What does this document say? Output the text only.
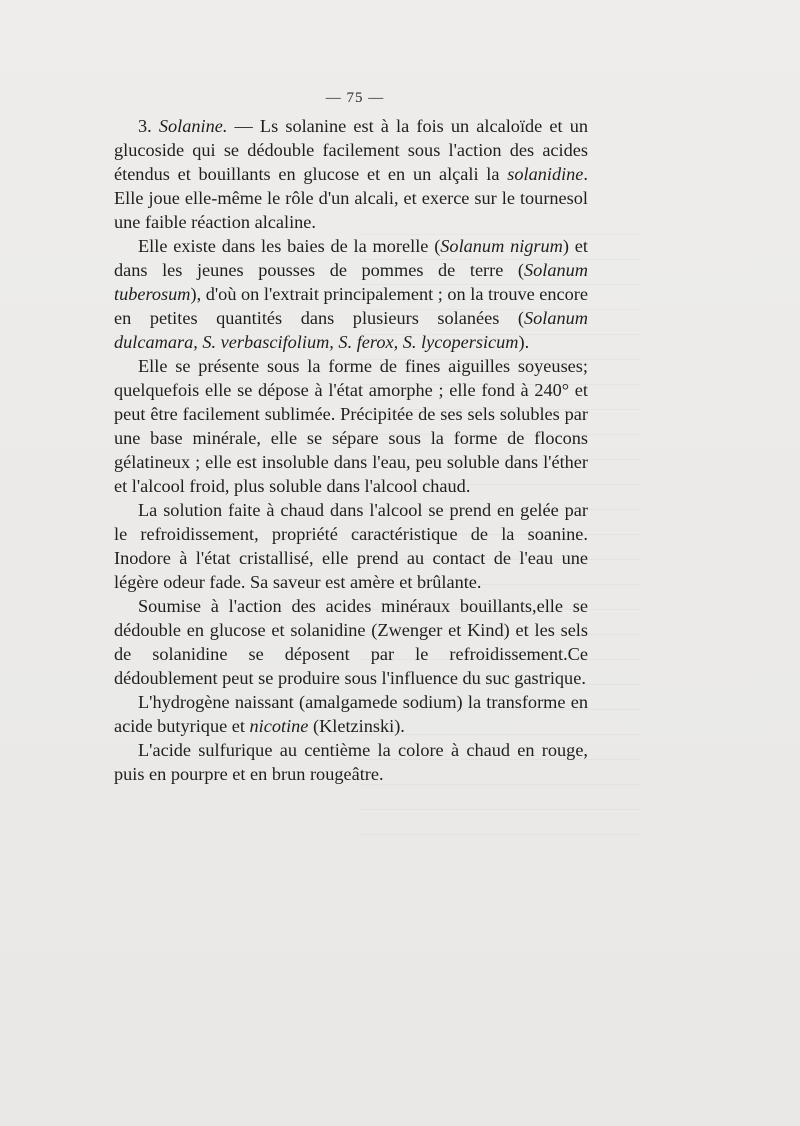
— 75 —

3. Solanine. — Ls solanine est à la fois un alcaloïde et un glucoside qui se dédouble facilement sous l'action des acides étendus et bouillants en glucose et en un alçali la solanidine. Elle joue elle-même le rôle d'un alcali, et exerce sur le tournesol une faible réaction alcaline.

Elle existe dans les baies de la morelle (Solanum nigrum) et dans les jeunes pousses de pommes de terre (Solanum tuberosum), d'où on l'extrait principalement ; on la trouve encore en petites quantités dans plusieurs solanées (Solanum dulcamara, S. verbascifolium, S. ferox, S. lycopersicum).

Elle se présente sous la forme de fines aiguilles soyeuses; quelquefois elle se dépose à l'état amorphe ; elle fond à 240° et peut être facilement sublimée. Précipitée de ses sels solubles par une base minérale, elle se sépare sous la forme de flocons gélatineux ; elle est insoluble dans l'eau, peu soluble dans l'éther et l'alcool froid, plus soluble dans l'alcool chaud.

La solution faite à chaud dans l'alcool se prend en gelée par le refroidissement, propriété caractéristique de la soanine. Inodore à l'état cristallisé, elle prend au contact de l'eau une légère odeur fade. Sa saveur est amère et brûlante.

Soumise à l'action des acides minéraux bouillants,elle se dédouble en glucose et solanidine (Zwenger et Kind) et les sels de solanidine se déposent par le refroidissement.Ce dédoublement peut se produire sous l'influence du suc gastrique.

L'hydrogène naissant (amalgamede sodium) la transforme en acide butyrique et nicotine (Kletzinski).

L'acide sulfurique au centième la colore à chaud en rouge, puis en pourpre et en brun rougeâtre.
